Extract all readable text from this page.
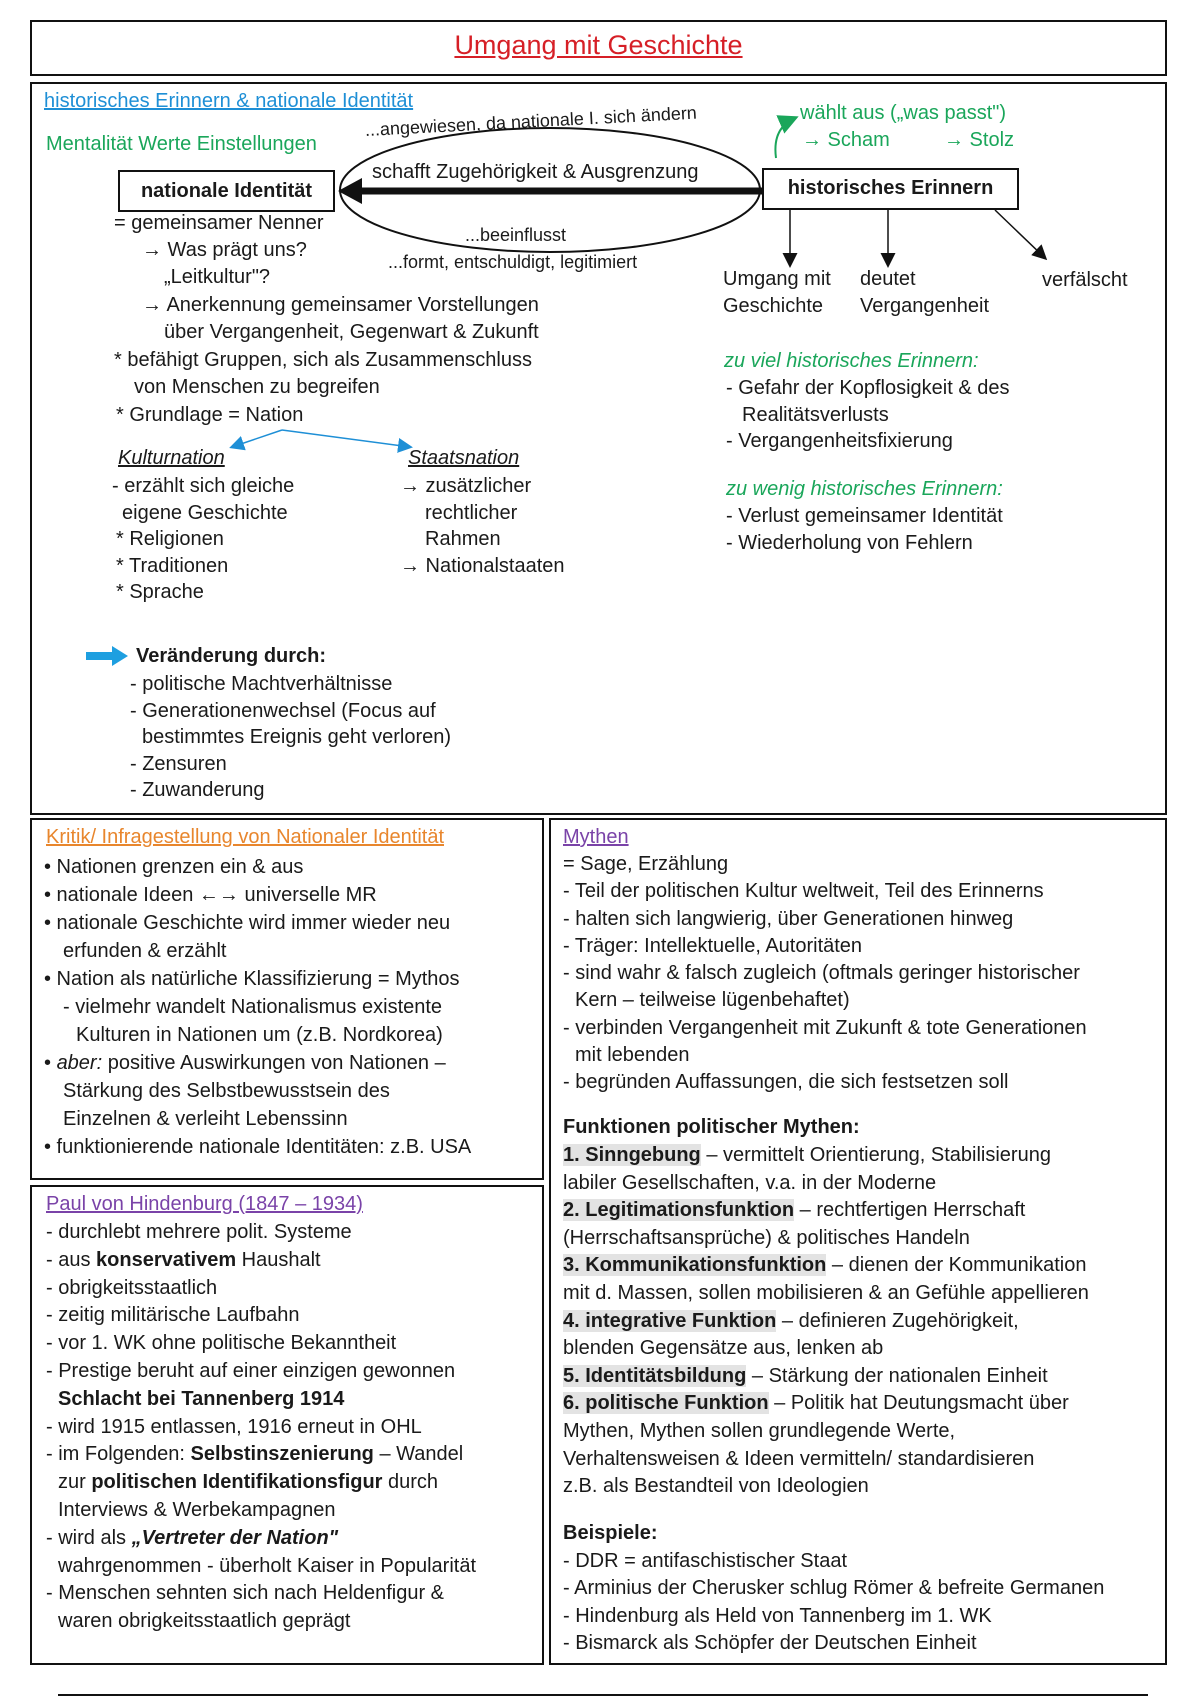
Umgang mit Geschichte
historisches Erinnern & nationale Identität
Mentalität Werte Einstellungen
...angewiesen, da nationale I. sich ändern
schafft Zugehörigkeit & Ausgrenzung
...beeinflusst
...formt, entschuldigt, legitimiert
nationale Identität	historisches Erinnern
wählt aus („was passt")
→ Scham	→ Stolz
Umgang mit
Geschichte
deutet
Vergangenheit
verfälscht
= gemeinsamer Nenner
→ Was prägt uns?
„Leitkultur"?
→ Anerkennung gemeinsamer Vorstellungen
über Vergangenheit, Gegenwart & Zukunft
* befähigt Gruppen, sich als Zusammenschluss
von Menschen zu begreifen
* Grundlage = Nation
Kulturnation
- erzählt sich gleiche
eigene Geschichte
* Religionen
* Traditionen
* Sprache
Staatsnation
→ zusätzlicher
rechtlicher
Rahmen
→ Nationalstaaten
zu viel historisches Erinnern:
- Gefahr der Kopflosigkeit & des
Realitätsverlusts
- Vergangenheitsfixierung
zu wenig historisches Erinnern:
- Verlust gemeinsamer Identität
- Wiederholung von Fehlern
Veränderung durch:
- politische Machtverhältnisse
- Generationenwechsel (Focus auf
bestimmtes Ereignis geht verloren)
- Zensuren
- Zuwanderung
Kritik/ Infragestellung von Nationaler Identität
• Nationen grenzen ein & aus
• nationale Ideen ←→ universelle MR
• nationale Geschichte wird immer wieder neu
erfunden & erzählt
• Nation als natürliche Klassifizierung = Mythos
- vielmehr wandelt Nationalismus existente
Kulturen in Nationen um (z.B. Nordkorea)
• aber: positive Auswirkungen von Nationen –
Stärkung des Selbstbewusstsein des
Einzelnen & verleiht Lebenssinn
• funktionierende nationale Identitäten: z.B. USA
Paul von Hindenburg (1847 – 1934)
- durchlebt mehrere polit. Systeme
- aus konservativem Haushalt
- obrigkeitsstaatlich
- zeitig militärische Laufbahn
- vor 1. WK ohne politische Bekanntheit
- Prestige beruht auf einer einzigen gewonnen
Schlacht bei Tannenberg 1914
- wird 1915 entlassen, 1916 erneut in OHL
- im Folgenden: Selbstinszenierung – Wandel
zur politischen Identifikationsfigur durch
Interviews & Werbekampagnen
- wird als „Vertreter der Nation"
wahrgenommen - überholt Kaiser in Popularität
- Menschen sehnten sich nach Heldenfigur &
waren obrigkeitsstaatlich geprägt
Mythen
= Sage, Erzählung
- Teil der politischen Kultur weltweit, Teil des Erinnerns
- halten sich langwierig, über Generationen hinweg
- Träger: Intellektuelle, Autoritäten
- sind wahr & falsch zugleich (oftmals geringer historischer
Kern – teilweise lügenbehaftet)
- verbinden Vergangenheit mit Zukunft & tote Generationen
mit lebenden
- begründen Auffassungen, die sich festsetzen soll
Funktionen politischer Mythen:
1. Sinngebung – vermittelt Orientierung, Stabilisierung
labiler Gesellschaften, v.a. in der Moderne
2. Legitimationsfunktion – rechtfertigen Herrschaft
(Herrschaftsansprüche) & politisches Handeln
3. Kommunikationsfunktion – dienen der Kommunikation
mit d. Massen, sollen mobilisieren & an Gefühle appellieren
4. integrative Funktion – definieren Zugehörigkeit,
blenden Gegensätze aus, lenken ab
5. Identitätsbildung – Stärkung der nationalen Einheit
6. politische Funktion – Politik hat Deutungsmacht über
Mythen, Mythen sollen grundlegende Werte,
Verhaltensweisen & Ideen vermitteln/ standardisieren
z.B. als Bestandteil von Ideologien
Beispiele:
- DDR = antifaschistischer Staat
- Arminius der Cherusker schlug Römer & befreite Germanen
- Hindenburg als Held von Tannenberg im 1. WK
- Bismarck als Schöpfer der Deutschen Einheit
